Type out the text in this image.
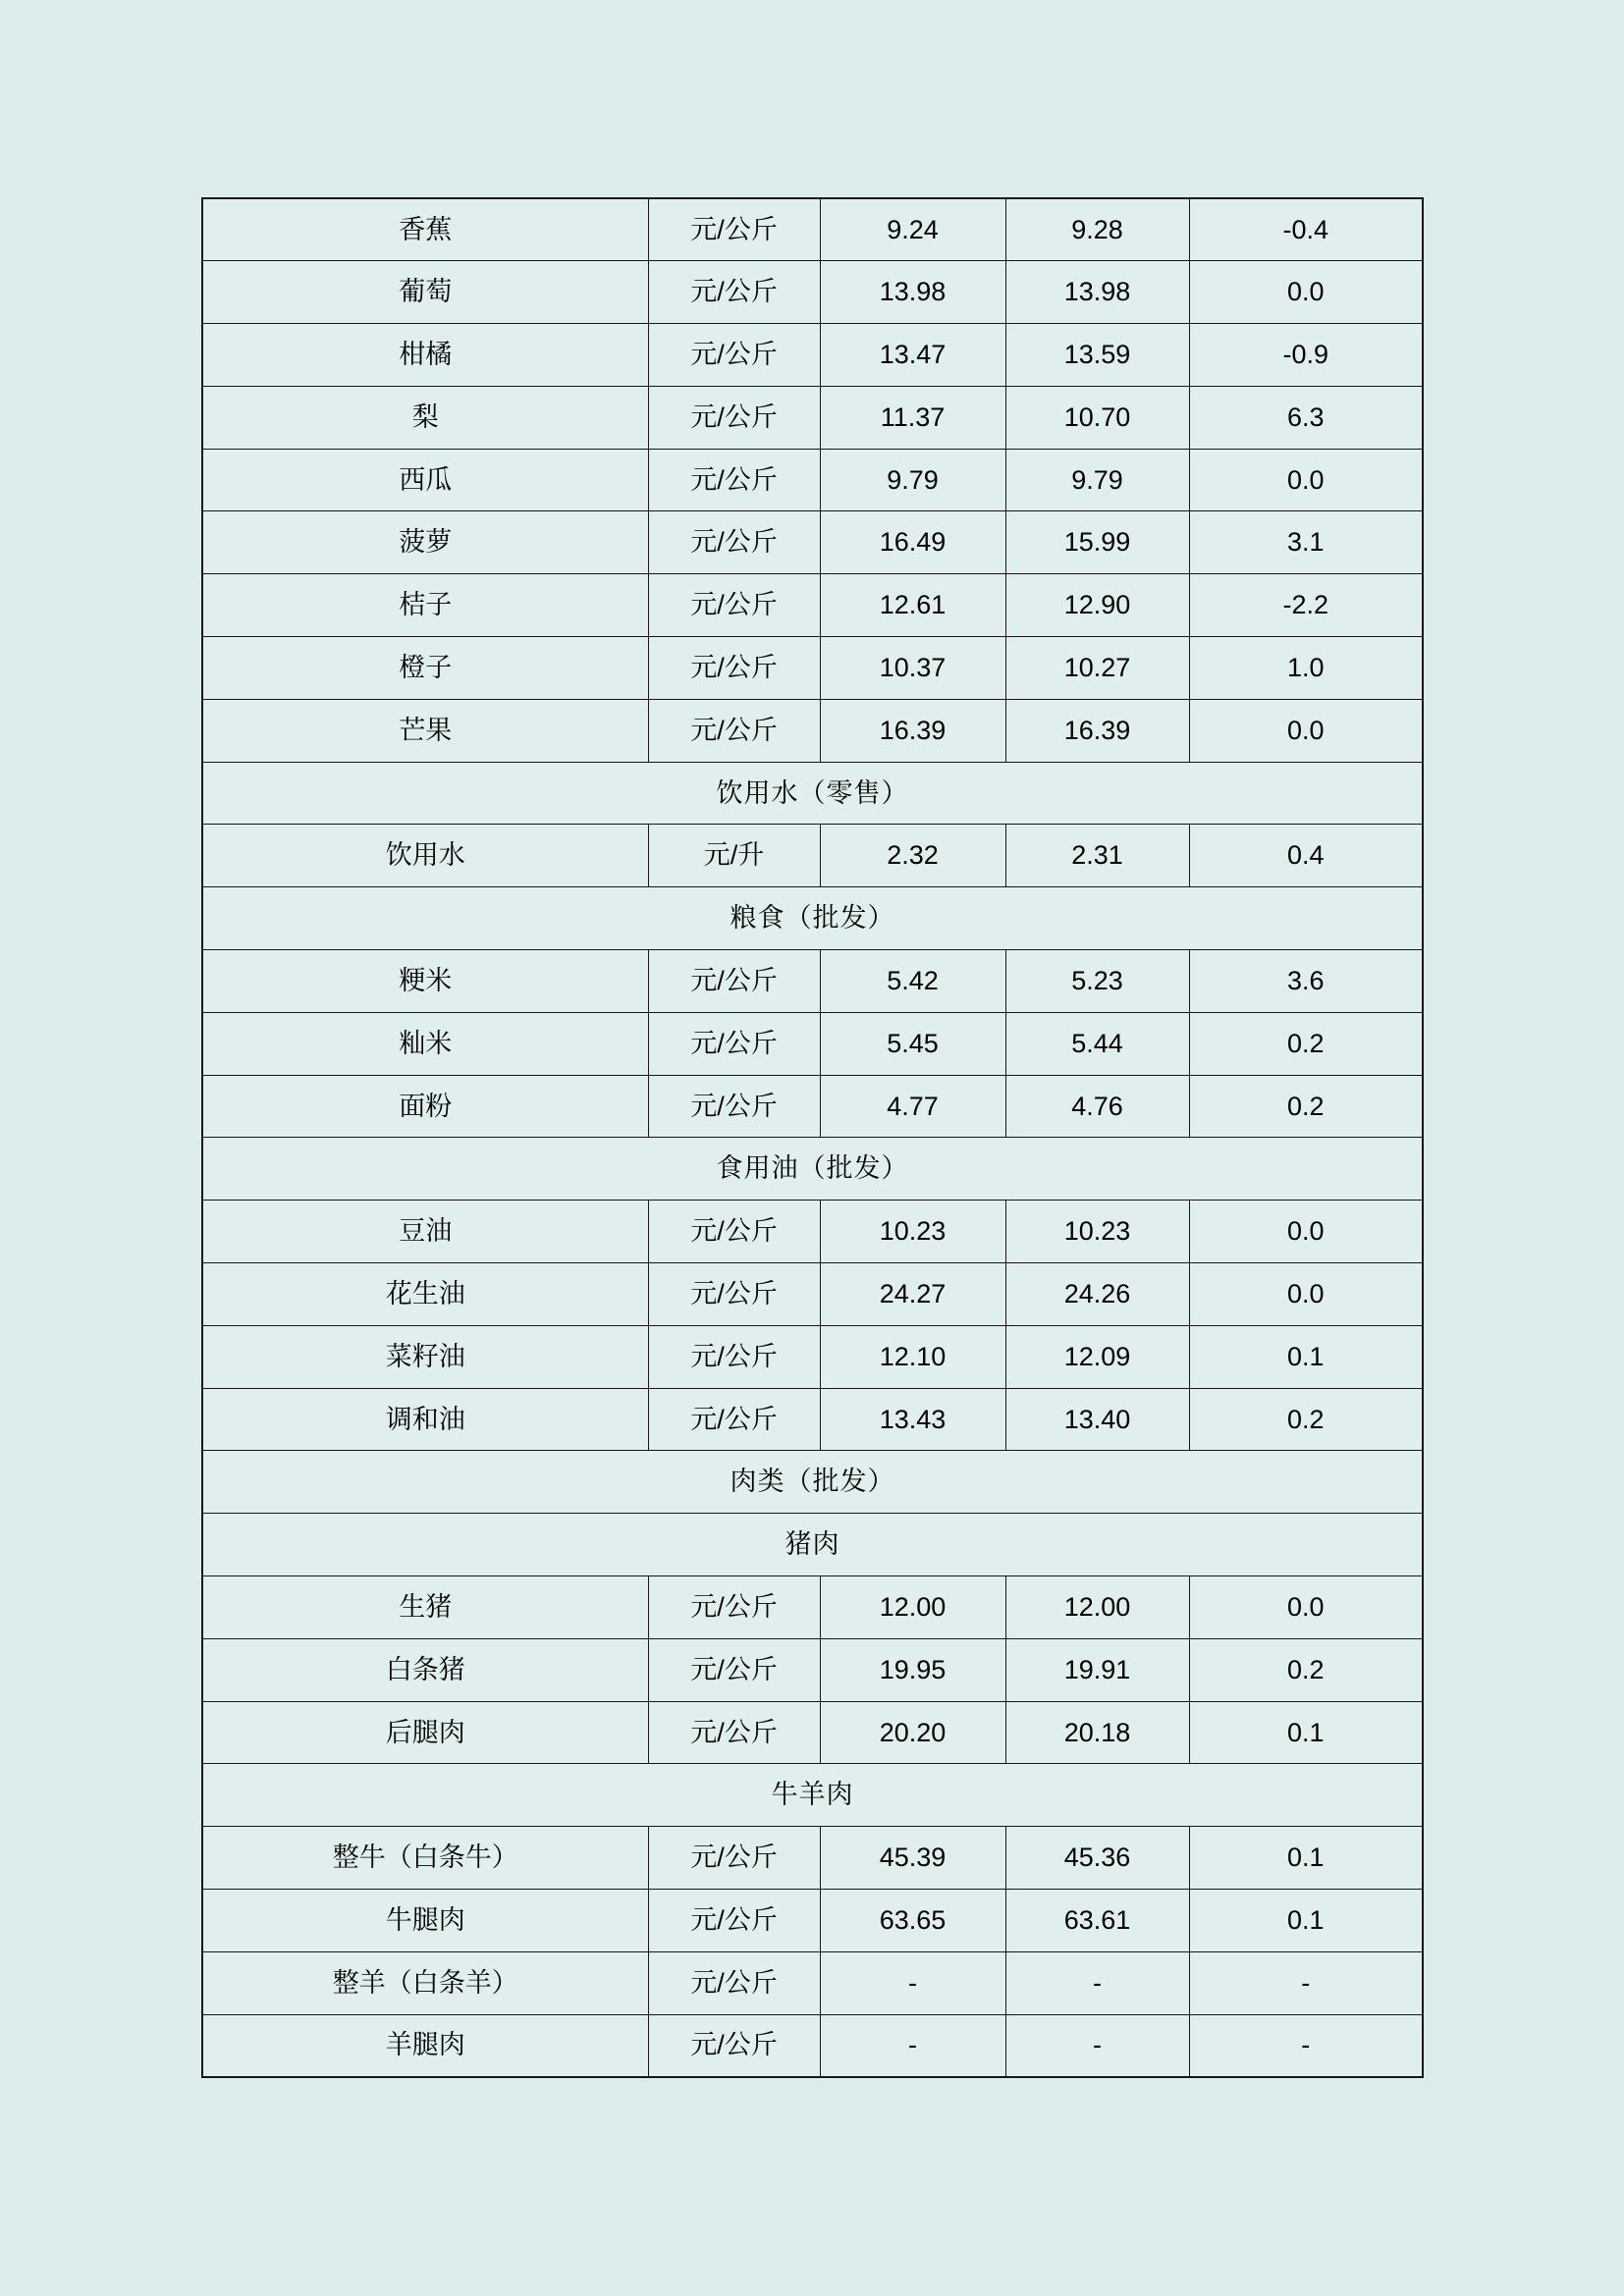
香蕉	元/公斤	9.24	9.28	-0.4
葡萄	元/公斤	13.98	13.98	0.0
柑橘	元/公斤	13.47	13.59	-0.9
梨	元/公斤	11.37	10.70	6.3
西瓜	元/公斤	9.79	9.79	0.0
菠萝	元/公斤	16.49	15.99	3.1
桔子	元/公斤	12.61	12.90	-2.2
橙子	元/公斤	10.37	10.27	1.0
芒果	元/公斤	16.39	16.39	0.0
饮用水（零售）				
饮用水	元/升	2.32	2.31	0.4
粮食（批发）				
粳米	元/公斤	5.42	5.23	3.6
籼米	元/公斤	5.45	5.44	0.2
面粉	元/公斤	4.77	4.76	0.2
食用油（批发）				
豆油	元/公斤	10.23	10.23	0.0
花生油	元/公斤	24.27	24.26	0.0
菜籽油	元/公斤	12.10	12.09	0.1
调和油	元/公斤	13.43	13.40	0.2
肉类（批发）				
猪肉				
生猪	元/公斤	12.00	12.00	0.0
白条猪	元/公斤	19.95	19.91	0.2
后腿肉	元/公斤	20.20	20.18	0.1
牛羊肉				
整牛（白条牛）	元/公斤	45.39	45.36	0.1
牛腿肉	元/公斤	63.65	63.61	0.1
整羊（白条羊）	元/公斤	-	-	-
羊腿肉	元/公斤	-	-	-
